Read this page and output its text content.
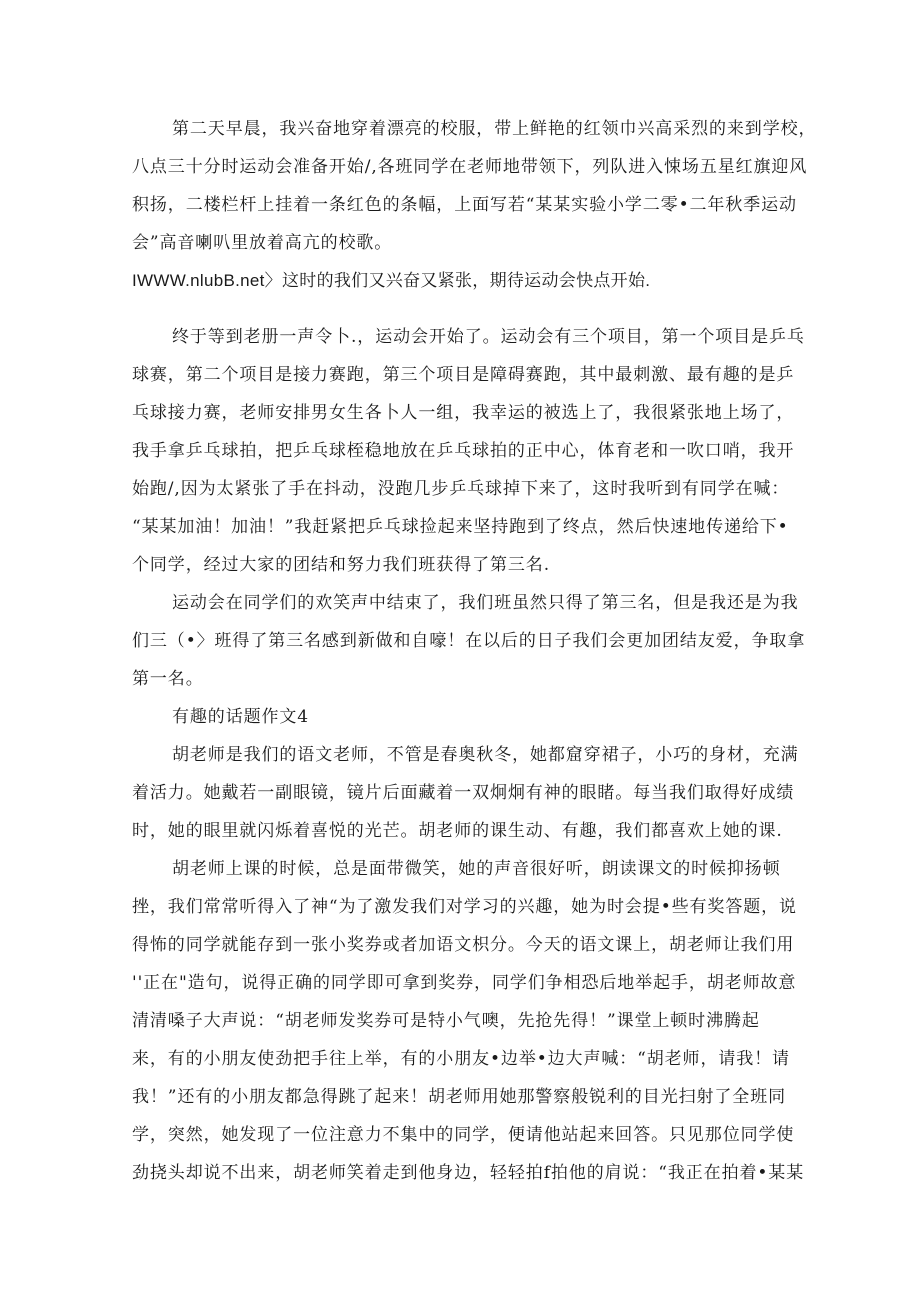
第二天早晨，我兴奋地穿着漂亮的校服，带上鲜艳的红领巾兴高采烈的来到学校，
八点三十分时运动会准备开始/,各班同学在老师地带领下，列队进入悚场五星红旗迎风
积扬，二楼栏杆上挂着一条红色的条幅，上面写若“某某实验小学二零•二年秋季运动
会”高音喇叭里放着高亢的校歌。
IWWW.nlubB.net〉这时的我们又兴奋又紧张，期待运动会快点开始.
终于等到老册一声令卜.，运动会开始了。运动会有三个项目，第一个项目是乒乓
球赛，第二个项目是接力赛跑，第三个项目是障碍赛跑，其中最刺激、最有趣的是乒
乓球接力赛，老师安排男女生各卜人一组，我幸运的被选上了，我很紧张地上场了，
我手拿乒乓球拍，把乒乓球桎稳地放在乒乓球拍的正中心，体育老和一吹口哨，我开
始跑/,因为太紧张了手在抖动，没跑几步乒乓球掉下来了，这时我听到有同学在喊：
“某某加油！加油！”我赶紧把乒乓球捡起来坚持跑到了终点，然后快速地传递给下•
个同学，经过大家的团结和努力我们班获得了第三名.
运动会在同学们的欢笑声中结束了，我们班虽然只得了第三名，但是我还是为我
们三（•〉班得了第三名感到新做和自嚎！在以后的日子我们会更加团结友爱，争取拿
第一名。
有趣的话题作文4
胡老师是我们的语文老师，不管是春奥秋冬，她都窟穿裙子，小巧的身材，充满
着活力。她戴若一副眼镜，镜片后面藏着一双炯炯有神的眼睹。每当我们取得好成绩
时，她的眼里就闪烁着喜悦的光芒。胡老师的课生动、有趣，我们都喜欢上她的课.
胡老师上课的时候，总是面带微笑，她的声音很好听，朗读课文的时候抑扬顿
挫，我们常常听得入了神“为了激发我们对学习的兴趣，她为时会提•些有奖答题，说
得怖的同学就能存到一张小奖券或者加语文枳分。今天的语文课上，胡老师让我们用
''正在"造句，说得正确的同学即可拿到奖券，同学们争相恐后地举起手，胡老师故意
清清嗓子大声说：“胡老师发奖券可是特小气噢，先抢先得！”课堂上顿时沸腾起
来，有的小朋友使劲把手往上举，有的小朋友•边举•边大声喊：“胡老师，请我！请
我！”还有的小朋友都急得跳了起来！胡老师用她那警察般锐利的目光扫射了全班同
学，突然，她发现了一位注意力不集中的同学，便请他站起来回答。只见那位同学使
劲挠头却说不出来，胡老师笑着走到他身边，轻轻拍f拍他的肩说：“我正在拍着•某某
